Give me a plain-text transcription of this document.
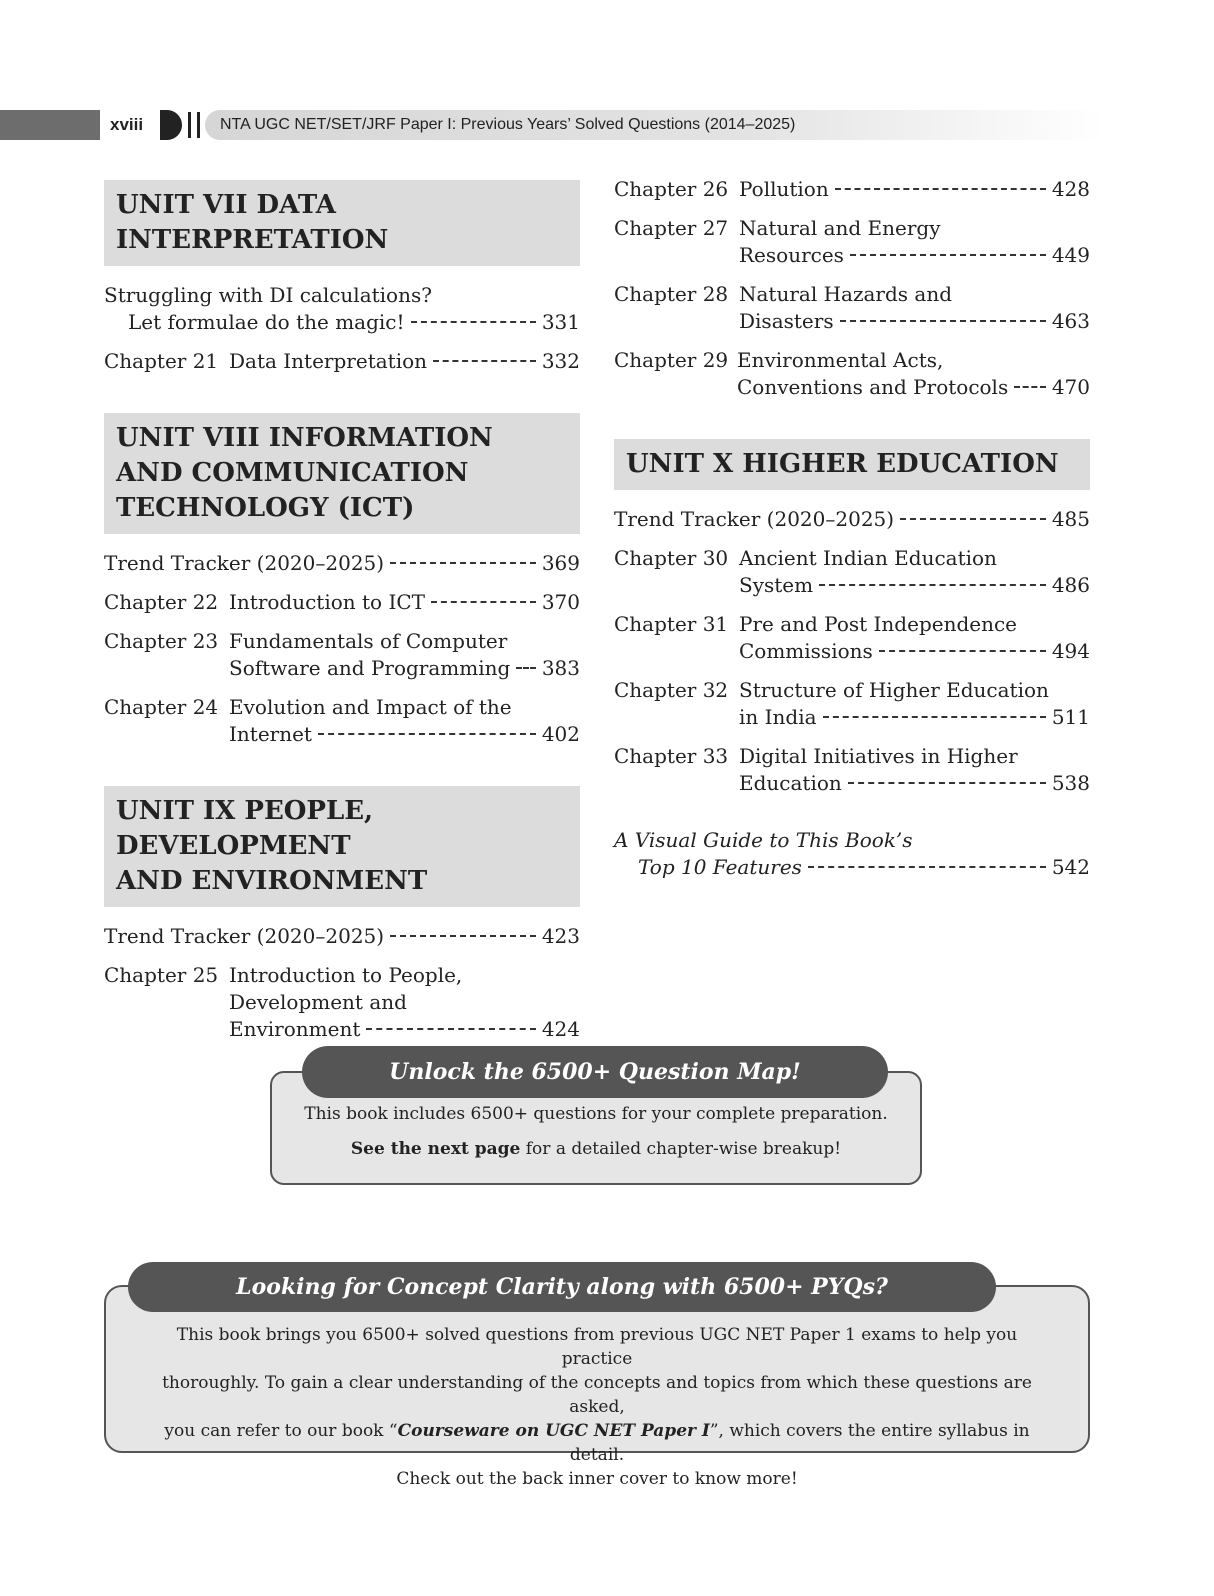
xviii	NTA UGC NET/SET/JRF Paper I: Previous Years’ Solved Questions (2014–2025)
UNIT VII DATA INTERPRETATION
Struggling with DI calculations?
Let formulae do the magic!	331
Chapter 21 Data Interpretation	332
UNIT VIII INFORMATION
AND COMMUNICATION
TECHNOLOGY (ICT)
Trend Tracker (2020–2025)	369
Chapter 22 Introduction to ICT	370
Chapter 23 Fundamentals of Computer
Software and Programming 383
Chapter 24 Evolution and Impact of the
Internet	402
UNIT IX PEOPLE, DEVELOPMENT
AND ENVIRONMENT
Trend Tracker (2020–2025)	423
Chapter 25 Introduction to People,
Development and
Environment	424
Chapter 26 Pollution	428
Chapter 27 Natural and Energy
Resources	449
Chapter 28 Natural Hazards and
Disasters	463
Chapter 29 Environmental Acts,
Conventions and Protocols 470
UNIT X HIGHER EDUCATION
Trend Tracker (2020–2025)	485
Chapter 30 Ancient Indian Education
System	486
Chapter 31 Pre and Post Independence
Commissions	494
Chapter 32 Structure of Higher Education
in India	511
Chapter 33 Digital Initiatives in Higher
Education	538
A Visual Guide to This Book’s
Top 10 Features	542
Unlock the 6500+ Question Map!
This book includes 6500+ questions for your complete preparation.
See the next page for a detailed chapter-wise breakup!
Looking for Concept Clarity along with 6500+ PYQs?
This book brings you 6500+ solved questions from previous UGC NET Paper 1 exams to help you practice
thoroughly. To gain a clear understanding of the concepts and topics from which these questions are asked,
you can refer to our book “Courseware on UGC NET Paper I”, which covers the entire syllabus in detail.
Check out the back inner cover to know more!
